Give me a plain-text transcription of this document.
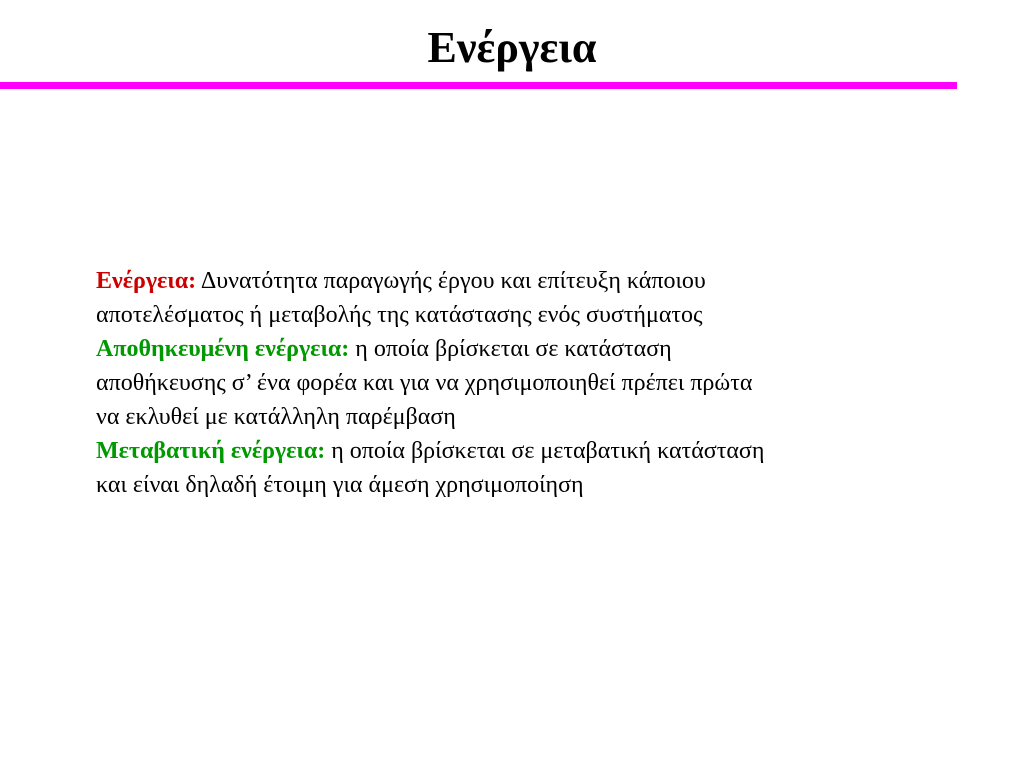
Ενέργεια
Ενέργεια: Δυνατότητα παραγωγής έργου και επίτευξη κάποιου
αποτελέσματος ή μεταβολής της κατάστασης ενός συστήματος
Αποθηκευμένη ενέργεια: η οποία βρίσκεται σε κατάσταση
αποθήκευσης σ’ ένα φορέα και για να χρησιμοποιηθεί πρέπει πρώτα
να εκλυθεί με κατάλληλη παρέμβαση
Μεταβατική ενέργεια: η οποία βρίσκεται σε μεταβατική κατάσταση
και είναι δηλαδή έτοιμη για άμεση χρησιμοποίηση
